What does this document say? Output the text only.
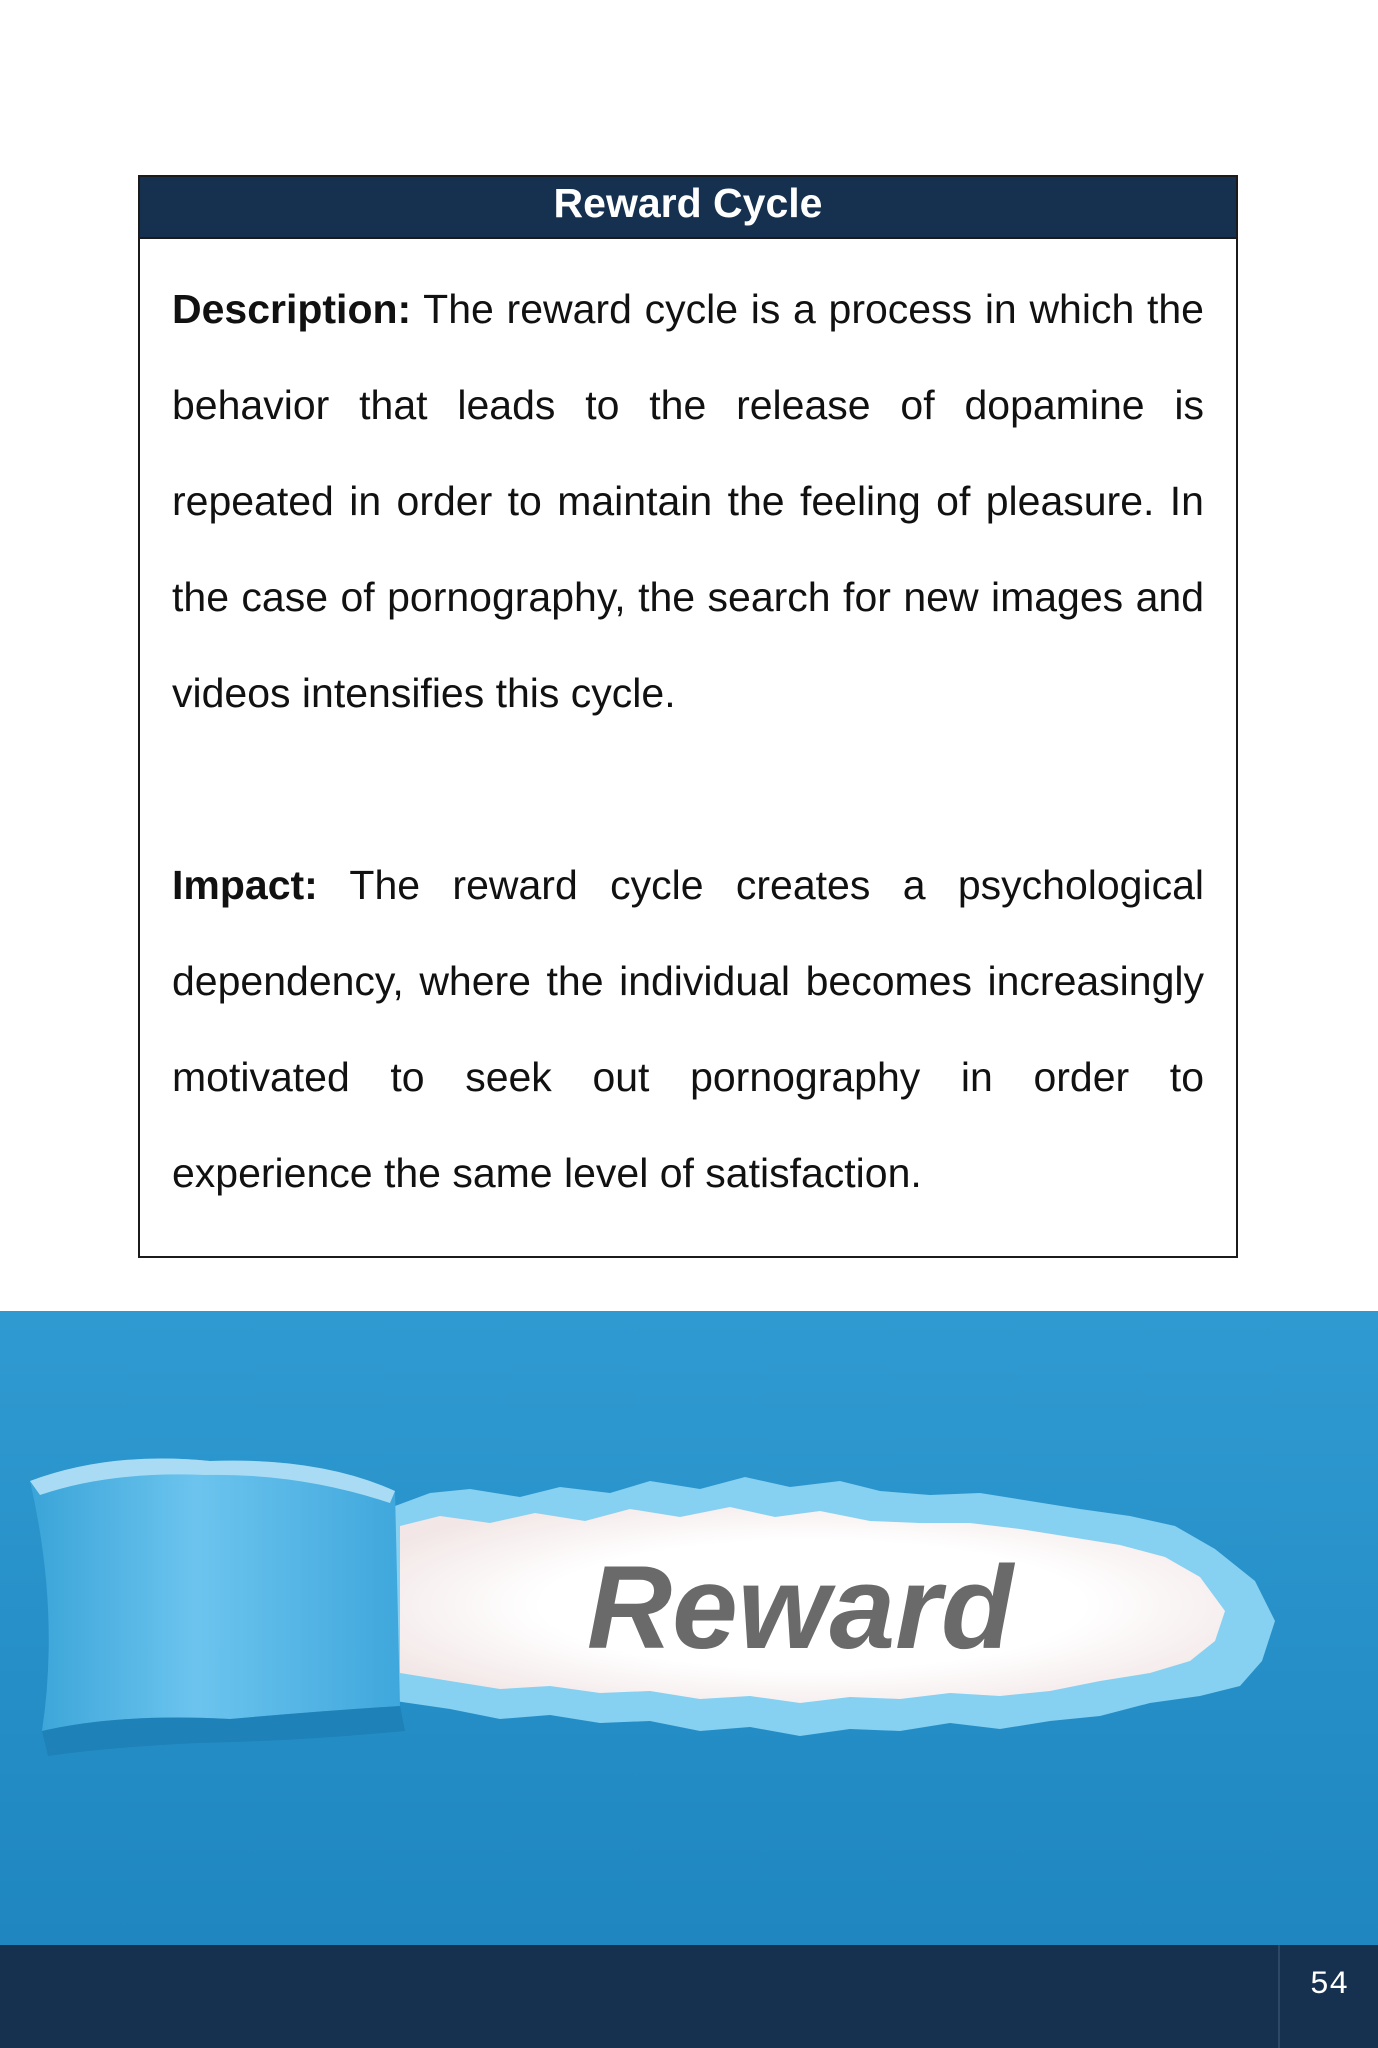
Reward Cycle

Description: The reward cycle is a process in which the behavior that leads to the release of dopamine is repeated in order to maintain the feeling of pleasure. In the case of pornography, the search for new images and videos intensifies this cycle.

Impact: The reward cycle creates a psychological dependency, where the individual becomes increasingly motivated to seek out pornography in order to experience the same level of satisfaction.

Reward
54
